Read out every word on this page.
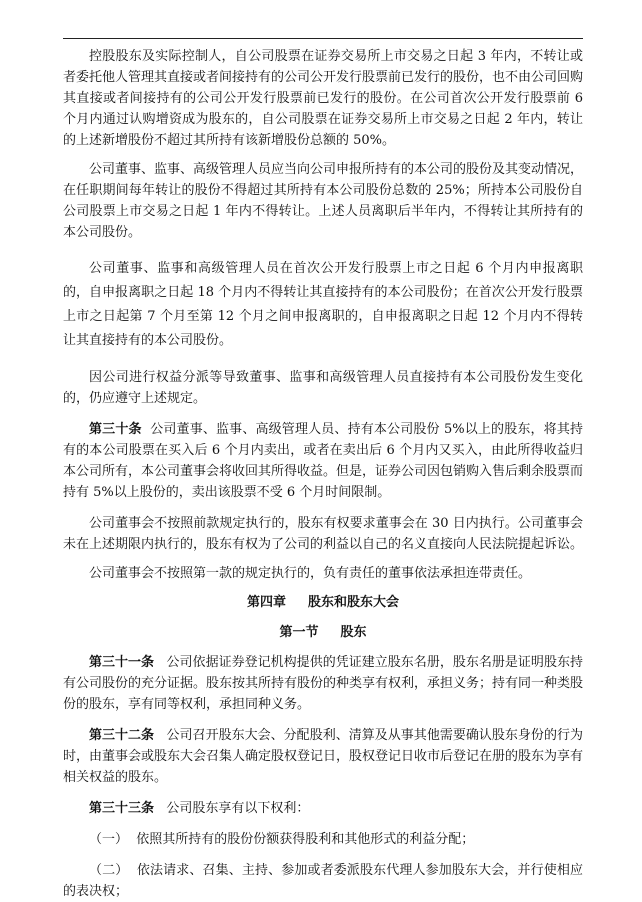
控股股东及实际控制人，自公司股票在证券交易所上市交易之日起 3 年内，不转让或者委托他人管理其直接或者间接持有的公司公开发行股票前已发行的股份，也不由公司回购其直接或者间接持有的公司公开发行股票前已发行的股份。在公司首次公开发行股票前 6 个月内通过认购增资成为股东的，自公司股票在证券交易所上市交易之日起 2 年内，转让的上述新增股份不超过其所持有该新增股份总额的 50%。

公司董事、监事、高级管理人员应当向公司申报所持有的本公司的股份及其变动情况，在任职期间每年转让的股份不得超过其所持有本公司股份总数的 25%；所持本公司股份自公司股票上市交易之日起 1 年内不得转让。上述人员离职后半年内，不得转让其所持有的本公司股份。

公司董事、监事和高级管理人员在首次公开发行股票上市之日起 6 个月内申报离职的，自申报离职之日起 18 个月内不得转让其直接持有的本公司股份；在首次公开发行股票上市之日起第 7 个月至第 12 个月之间申报离职的，自申报离职之日起 12 个月内不得转让其直接持有的本公司股份。

因公司进行权益分派等导致董事、监事和高级管理人员直接持有本公司股份发生变化的，仍应遵守上述规定。

第三十条 公司董事、监事、高级管理人员、持有本公司股份 5%以上的股东，将其持有的本公司股票在买入后 6 个月内卖出，或者在卖出后 6 个月内又买入，由此所得收益归本公司所有，本公司董事会将收回其所得收益。但是，证券公司因包销购入售后剩余股票而持有 5%以上股份的，卖出该股票不受 6 个月时间限制。

公司董事会不按照前款规定执行的，股东有权要求董事会在 30 日内执行。公司董事会未在上述期限内执行的，股东有权为了公司的利益以自己的名义直接向人民法院提起诉讼。

公司董事会不按照第一款的规定执行的，负有责任的董事依法承担连带责任。

第四章 股东和股东大会

第一节 股东

第三十一条 公司依据证券登记机构提供的凭证建立股东名册，股东名册是证明股东持有公司股份的充分证据。股东按其所持有股份的种类享有权利，承担义务；持有同一种类股份的股东，享有同等权利，承担同种义务。

第三十二条 公司召开股东大会、分配股利、清算及从事其他需要确认股东身份的行为时，由董事会或股东大会召集人确定股权登记日，股权登记日收市后登记在册的股东为享有相关权益的股东。

第三十三条 公司股东享有以下权利：

（一） 依照其所持有的股份份额获得股利和其他形式的利益分配；

（二） 依法请求、召集、主持、参加或者委派股东代理人参加股东大会，并行使相应的表决权；
